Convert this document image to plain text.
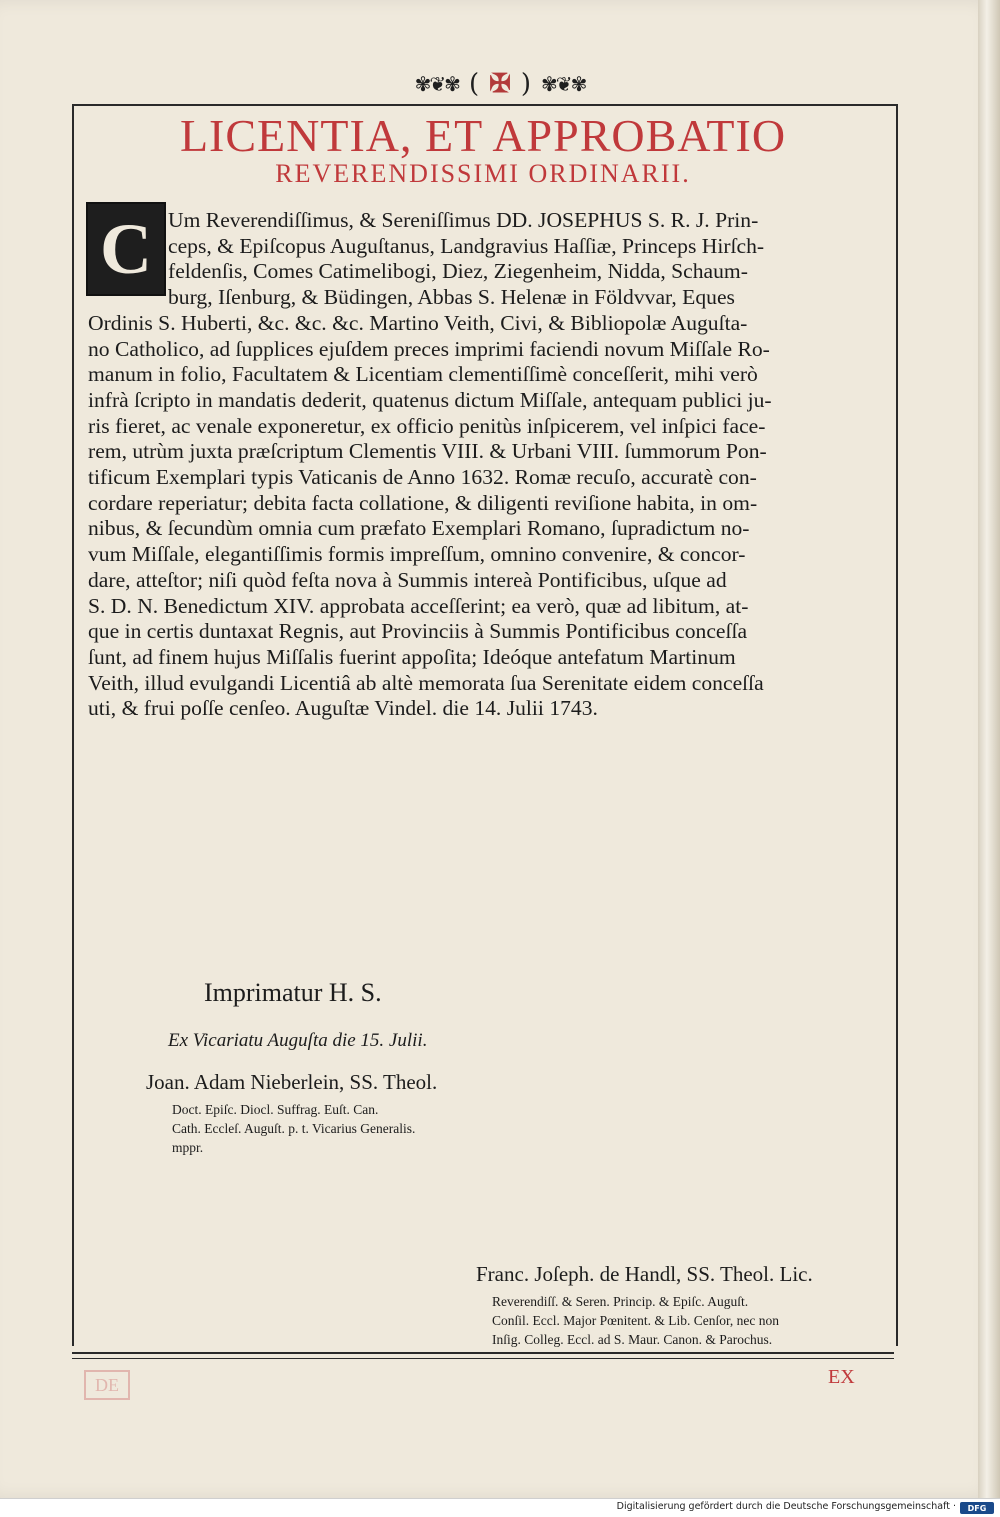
✾❦✾ ( ✠ ) ✾❦✾
LICENTIA, ET APPROBATIO
REVERENDISSIMI ORDINARII.
Um Reverendiſſimus, & Sereniſſimus DD. JOSEPHUS S. R. J. Prin-
ceps, & Epiſcopus Auguſtanus, Landgravius Haſſiæ, Princeps Hirſch-
feldenſis, Comes Catimelibogi, Diez, Ziegenheim, Nidda, Schaum-
burg, Iſenburg, & Büdingen, Abbas S. Helenæ in Földvvar, Eques
Ordinis S. Huberti, &c. &c. &c. Martino Veith, Civi, & Bibliopolæ Auguſta-
no Catholico, ad ſupplices ejuſdem preces imprimi faciendi novum Miſſale Ro-
manum in folio, Facultatem & Licentiam clementiſſimè conceſſerit, mihi verò
infrà ſcripto in mandatis dederit, quatenus dictum Miſſale, antequam publici ju-
ris fieret, ac venale exponeretur, ex officio penitùs inſpicerem, vel inſpici face-
rem, utrùm juxta præſcriptum Clementis VIII. & Urbani VIII. ſummorum Pon-
tificum Exemplari typis Vaticanis de Anno 1632. Romæ recuſo, accuratè con-
cordare reperiatur; debita facta collatione, & diligenti reviſione habita, in om-
nibus, & ſecundùm omnia cum præfato Exemplari Romano, ſupradictum no-
vum Miſſale, elegantiſſimis formis impreſſum, omnino convenire, & concor-
dare, atteſtor; niſi quòd feſta nova à Summis intereà Pontificibus, uſque ad
S. D. N. Benedictum XIV. approbata acceſſerint; ea verò, quæ ad libitum, at-
que in certis duntaxat Regnis, aut Provinciis à Summis Pontificibus conceſſa
ſunt, ad finem hujus Miſſalis fuerint appoſita; Ideóque antefatum Martinum
Veith, illud evulgandi Licentiâ ab altè memorata ſua Serenitate eidem conceſſa
uti, & frui poſſe cenſeo. Auguſtæ Vindel. die 14. Julii 1743.
C
Imprimatur H. S.
Ex Vicariatu Auguſta die 15. Julii.
Joan. Adam Nieberlein, SS. Theol.
Doct. Epiſc. Diocl. Suffrag. Euſt. Can.
Cath. Eccleſ. Auguſt. p. t. Vicarius Generalis.
mppr.
Franc. Joſeph. de Handl, SS. Theol. Lic.
Reverendiſſ. & Seren. Princip. & Epiſc. Auguſt.
Conſil. Eccl. Major Pœnitent. & Lib. Cenſor, nec non
Inſig. Colleg. Eccl. ad S. Maur. Canon. & Parochus.
DE	EX
Digitalisierung gefördert durch die Deutsche Forschungsgemeinschaft ·	DFG
